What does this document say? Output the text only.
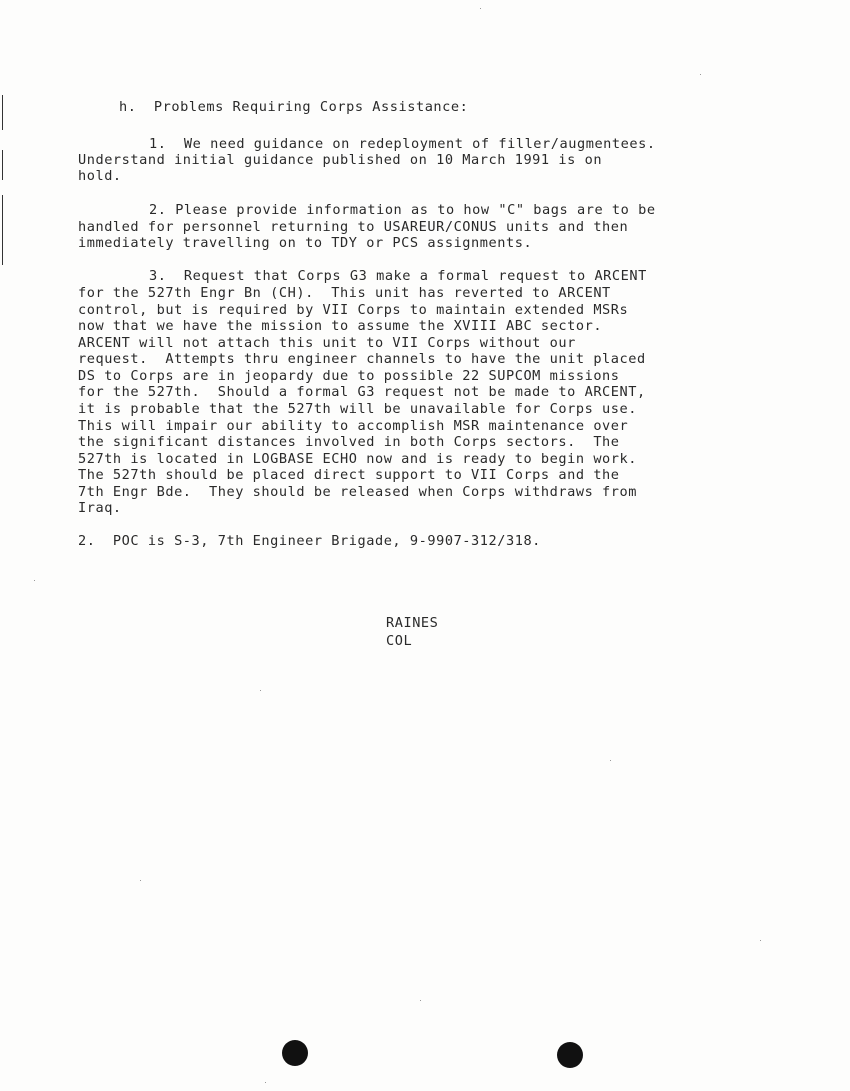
h.  Problems Requiring Corps Assistance:
1.  We need guidance on redeployment of filler/augmentees.
Understand initial guidance published on 10 March 1991 is on
hold.
2. Please provide information as to how "C" bags are to be
handled for personnel returning to USAREUR/CONUS units and then
immediately travelling on to TDY or PCS assignments.
3.  Request that Corps G3 make a formal request to ARCENT
for the 527th Engr Bn (CH).  This unit has reverted to ARCENT
control, but is required by VII Corps to maintain extended MSRs
now that we have the mission to assume the XVIII ABC sector.
ARCENT will not attach this unit to VII Corps without our
request.  Attempts thru engineer channels to have the unit placed
DS to Corps are in jeopardy due to possible 22 SUPCOM missions
for the 527th.  Should a formal G3 request not be made to ARCENT,
it is probable that the 527th will be unavailable for Corps use.
This will impair our ability to accomplish MSR maintenance over
the significant distances involved in both Corps sectors.  The
527th is located in LOGBASE ECHO now and is ready to begin work.
The 527th should be placed direct support to VII Corps and the
7th Engr Bde.  They should be released when Corps withdraws from
Iraq.
2.  POC is S-3, 7th Engineer Brigade, 9-9907-312/318.
RAINES
COL
